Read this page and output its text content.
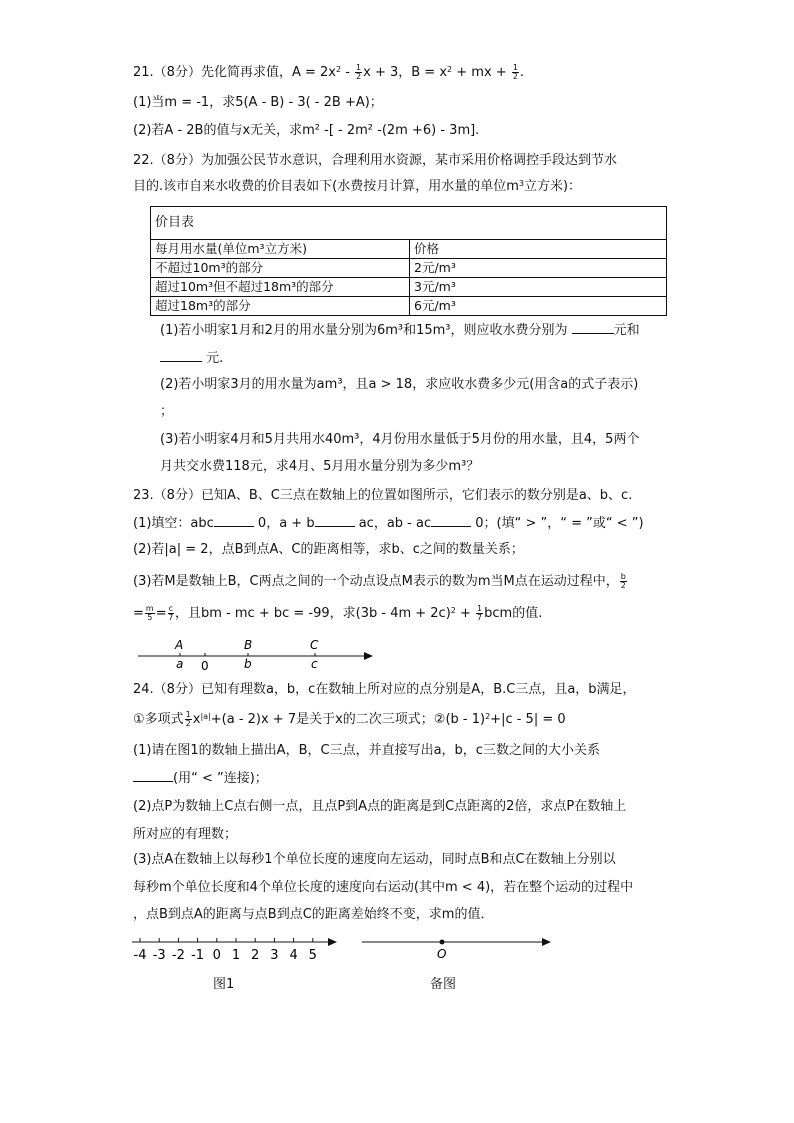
21.（8分）先化简再求值，$A = 2x^2 - \frac{1}{2}$ x + 3，$B = x^2$ + mx + $\frac{1}{2}$ .
(1)当m = -1，求5(A - B) - 3( - 2B +A)；
(2)若A - 2B的值与x无关，求m² -[ - 2m² -(2m +6) - 3m].
22.（8分）为加强公民节水意识，合理利用水资源，某市采用价格调控手段达到节水
目的.该市自来水收费的价目表如下(水费按月计算，用水量的单位$m^3$立方米)：
价目表	
每月用水量(单位m³立方米)	价格
不超过10m³的部分	2元/m³
超过10m³但不超过18m³的部分	3元/m³
超过18m³的部分	6元/m³
(1)若小明家1月和2月的用水量分别为6m³和15m³，则应收水费分别为	元和
元.
(2)若小明家3月的用水量为am³，且a > 18，求应收水费多少元(用含a的式子表示)
；
(3)若小明家4月和5月共用水40m³，4月份用水量低于5月份的用水量，且4，5两个
月共交水费118元，求4月、5月用水量分别为多少m³？
23.（8分）已知A、B、C三点在数轴上的位置如图所示，它们表示的数分别是a、b、c.
(1)填空：abc	0，a + b	ac，ab - ac	0；(填“ > ”，“ = ”或“ < ”)
(2)若|a| = 2，点B到点A、C的距离相等，求b、c之间的数量关系；
(3)若M是数轴上B，C两点之间的一个动点设点M表示的数为m当M点在运动过程中， $\frac{b}{2}$
= $\frac{m}{5} = \frac{c}{7}$ ，且bm - mc + bc = -99，求$(3b - 4m + 2c)^2 + \frac{1}{7}$ bcm的值.
A	B	C
a 0	b	c
24.（8分）已知有理数a，b，c在数轴上所对应的点分别是A，B.C三点，且a，b满足，
①多项式 $\frac{1}{2} x^{|a|}+(a - 2)x + 7$是关于x的二次三项式；②(b - 1)$^2$+|c - 5| = 0
(1)请在图1的数轴上描出A，B，C三点，并直接写出a，b，c三数之间的大小关系
(用“ < ”连接)；
(2)点P为数轴上C点右侧一点，且点P到A点的距离是到C点距离的2倍，求点P在数轴上
所对应的有理数；
(3)点A在数轴上以每秒1个单位长度的速度向左运动，同时点B和点C在数轴上分别以
每秒m个单位长度和4个单位长度的速度向右运动(其中m < 4)，若在整个运动的过程中
，点B到点A的距离与点B到点C的距离差始终不变，求m的值．
-4 -3 -2 -1 0 1 2 3 4 5
图1
O
备图
